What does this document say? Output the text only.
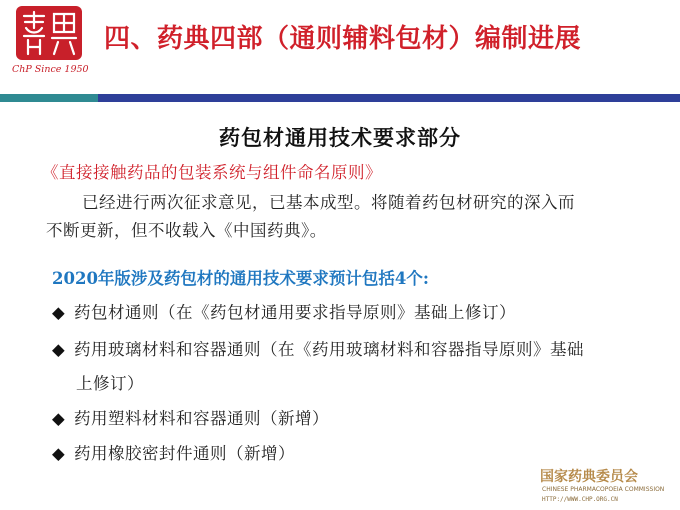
ChP Since 1950
四、药典四部（通则辅料包材）编制进展
药包材通用技术要求部分
《直接接触药品的包装系统与组件命名原则》
已经进行两次征求意见，已基本成型。将随着药包材研究的深入而
不断更新，但不收载入《中国药典》。
2020年版涉及药包材的通用技术要求预计包括4个:
◆ 药包材通则（在《药包材通用要求指导原则》基础上修订）
◆ 药用玻璃材料和容器通则（在《药用玻璃材料和容器指导原则》基础
上修订）
◆ 药用塑料材料和容器通则（新增）
◆ 药用橡胶密封件通则（新增）
国家药典委员会
CHINESE PHARMACOPOEIA COMMISSION
HTTP://WWW.CHP.ORG.CN
